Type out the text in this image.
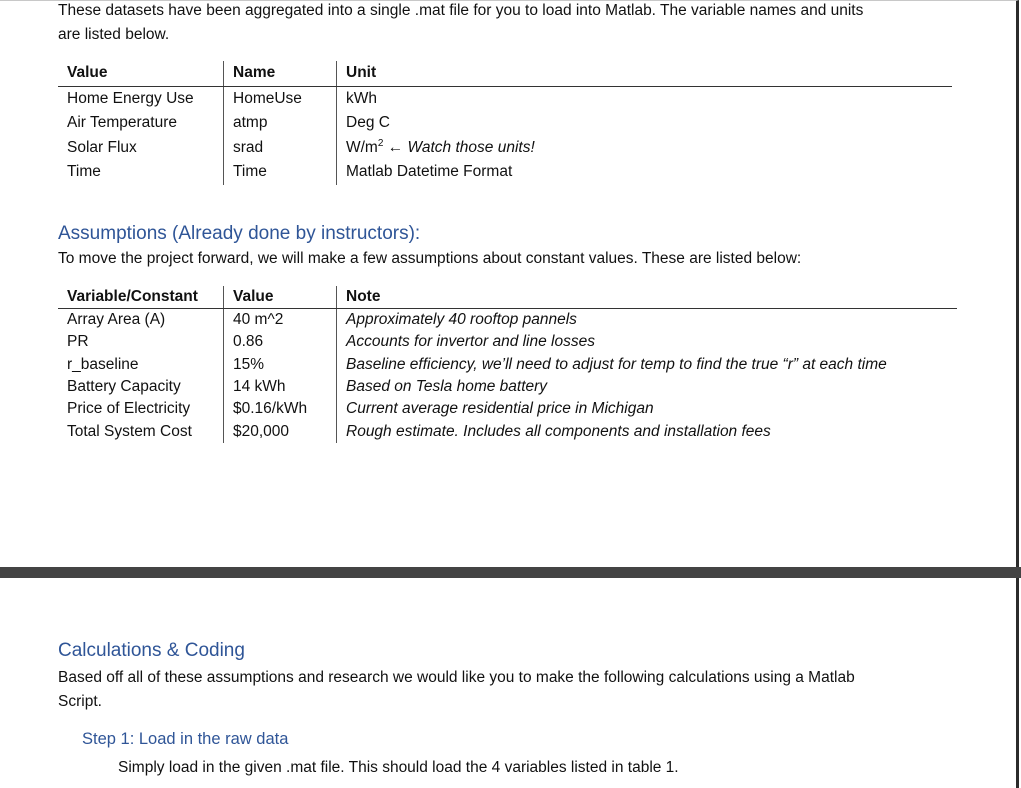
These datasets have been aggregated into a single .mat file for you to load into Matlab. The variable names and units
are listed below.

Value	Name	Unit
Home Energy Use	HomeUse	kWh
Air Temperature	atmp	Deg C
Solar Flux	srad	$W/m^2$ ← Watch those units!
Time	Time	Matlab Datetime Format
Assumptions (Already done by instructors):

To move the project forward, we will make a few assumptions about constant values. These are listed below:

Variable/Constant	Value	Note
Array Area (A)	40 m^2	Approximately 40 rooftop pannels
PR	0.86	Accounts for invertor and line losses
r_baseline	15%	Baseline efficiency, we’ll need to adjust for temp to find the true “r” at each time
Battery Capacity	14 kWh	Based on Tesla home battery
Price of Electricity	$0.16/kWh	Current average residential price in Michigan
Total System Cost	$20,000	Rough estimate. Includes all components and installation fees
Calculations & Coding

Based off all of these assumptions and research we would like you to make the following calculations using a Matlab
Script.

Step 1: Load in the raw data

Simply load in the given .mat file. This should load the 4 variables listed in table 1.
